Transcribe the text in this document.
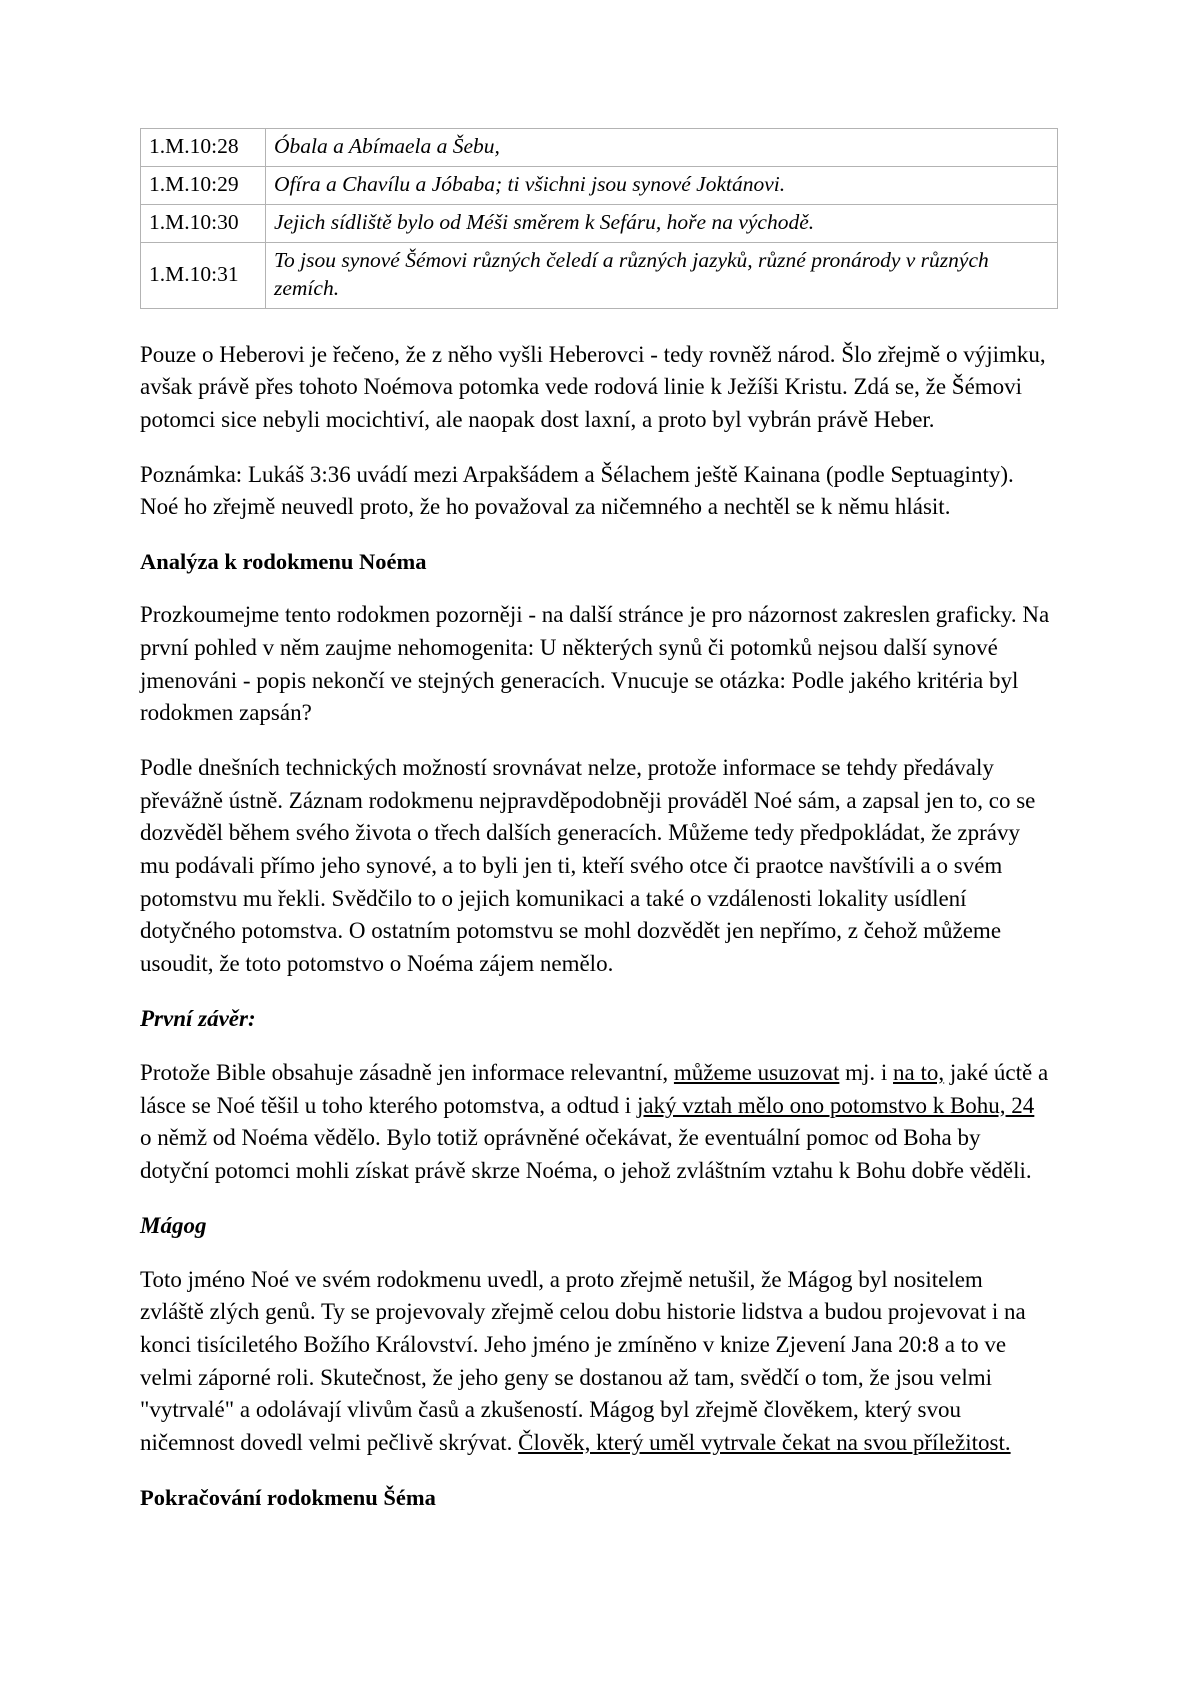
1.M.10:28	Óbala a Abímaela a Šebu,
1.M.10:29	Ofíra a Chavílu a Jóbaba; ti všichni jsou synové Joktánovi.
1.M.10:30	Jejich sídliště bylo od Méši směrem k Sefáru, hoře na východě.
1.M.10:31	To jsou synové Šémovi různých čeledí a různých jazyků, různé pronárody v různých zemích.

Pouze o Heberovi je řečeno, že z něho vyšli Heberovci - tedy rovněž národ. Šlo zřejmě o výjimku, avšak právě přes tohoto Noémova potomka vede rodová linie k Ježíši Kristu. Zdá se, že Šémovi potomci sice nebyli mocichtiví, ale naopak dost laxní, a proto byl vybrán právě Heber.

Poznámka: Lukáš 3:36 uvádí mezi Arpakšádem a Šélachem ještě Kainana (podle Septuaginty). Noé ho zřejmě neuvedl proto, že ho považoval za ničemného a nechtěl se k němu hlásit.

Analýza k rodokmenu Noéma

Prozkoumejme tento rodokmen pozorněji - na další stránce je pro názornost zakreslen graficky. Na první pohled v něm zaujme nehomogenita: U některých synů či potomků nejsou další synové jmenováni - popis nekončí ve stejných generacích. Vnucuje se otázka: Podle jakého kritéria byl rodokmen zapsán?

Podle dnešních technických možností srovnávat nelze, protože informace se tehdy předávaly převážně ústně. Záznam rodokmenu nejpravděpodobněji prováděl Noé sám, a zapsal jen to, co se dozvěděl během svého života o třech dalších generacích. Můžeme tedy předpokládat, že zprávy mu podávali přímo jeho synové, a to byli jen ti, kteří svého otce či praotce navštívili a o svém potomstvu mu řekli. Svědčilo to o jejich komunikaci a také o vzdálenosti lokality usídlení dotyčného potomstva. O ostatním potomstvu se mohl dozvědět jen nepřímo, z čehož můžeme usoudit, že toto potomstvo o Noéma zájem nemělo.

První závěr:

Protože Bible obsahuje zásadně jen informace relevantní, můžeme usuzovat mj. i na to, jaké úctě a lásce se Noé těšil u toho kterého potomstva, a odtud i jaký vztah mělo ono potomstvo k Bohu, 24 o němž od Noéma vědělo. Bylo totiž oprávněné očekávat, že eventuální pomoc od Boha by dotyční potomci mohli získat právě skrze Noéma, o jehož zvláštním vztahu k Bohu dobře věděli.

Mágog

Toto jméno Noé ve svém rodokmenu uvedl, a proto zřejmě netušil, že Mágog byl nositelem zvláště zlých genů. Ty se projevovaly zřejmě celou dobu historie lidstva a budou projevovat i na konci tisíciletého Božího Království. Jeho jméno je zmíněno v knize Zjevení Jana 20:8 a to ve velmi záporné roli. Skutečnost, že jeho geny se dostanou až tam, svědčí o tom, že jsou velmi "vytrvalé" a odolávají vlivům časů a zkušeností. Mágog byl zřejmě člověkem, který svou ničemnost dovedl velmi pečlivě skrývat. Člověk, který uměl vytrvale čekat na svou příležitost.

Pokračování rodokmenu Šéma
